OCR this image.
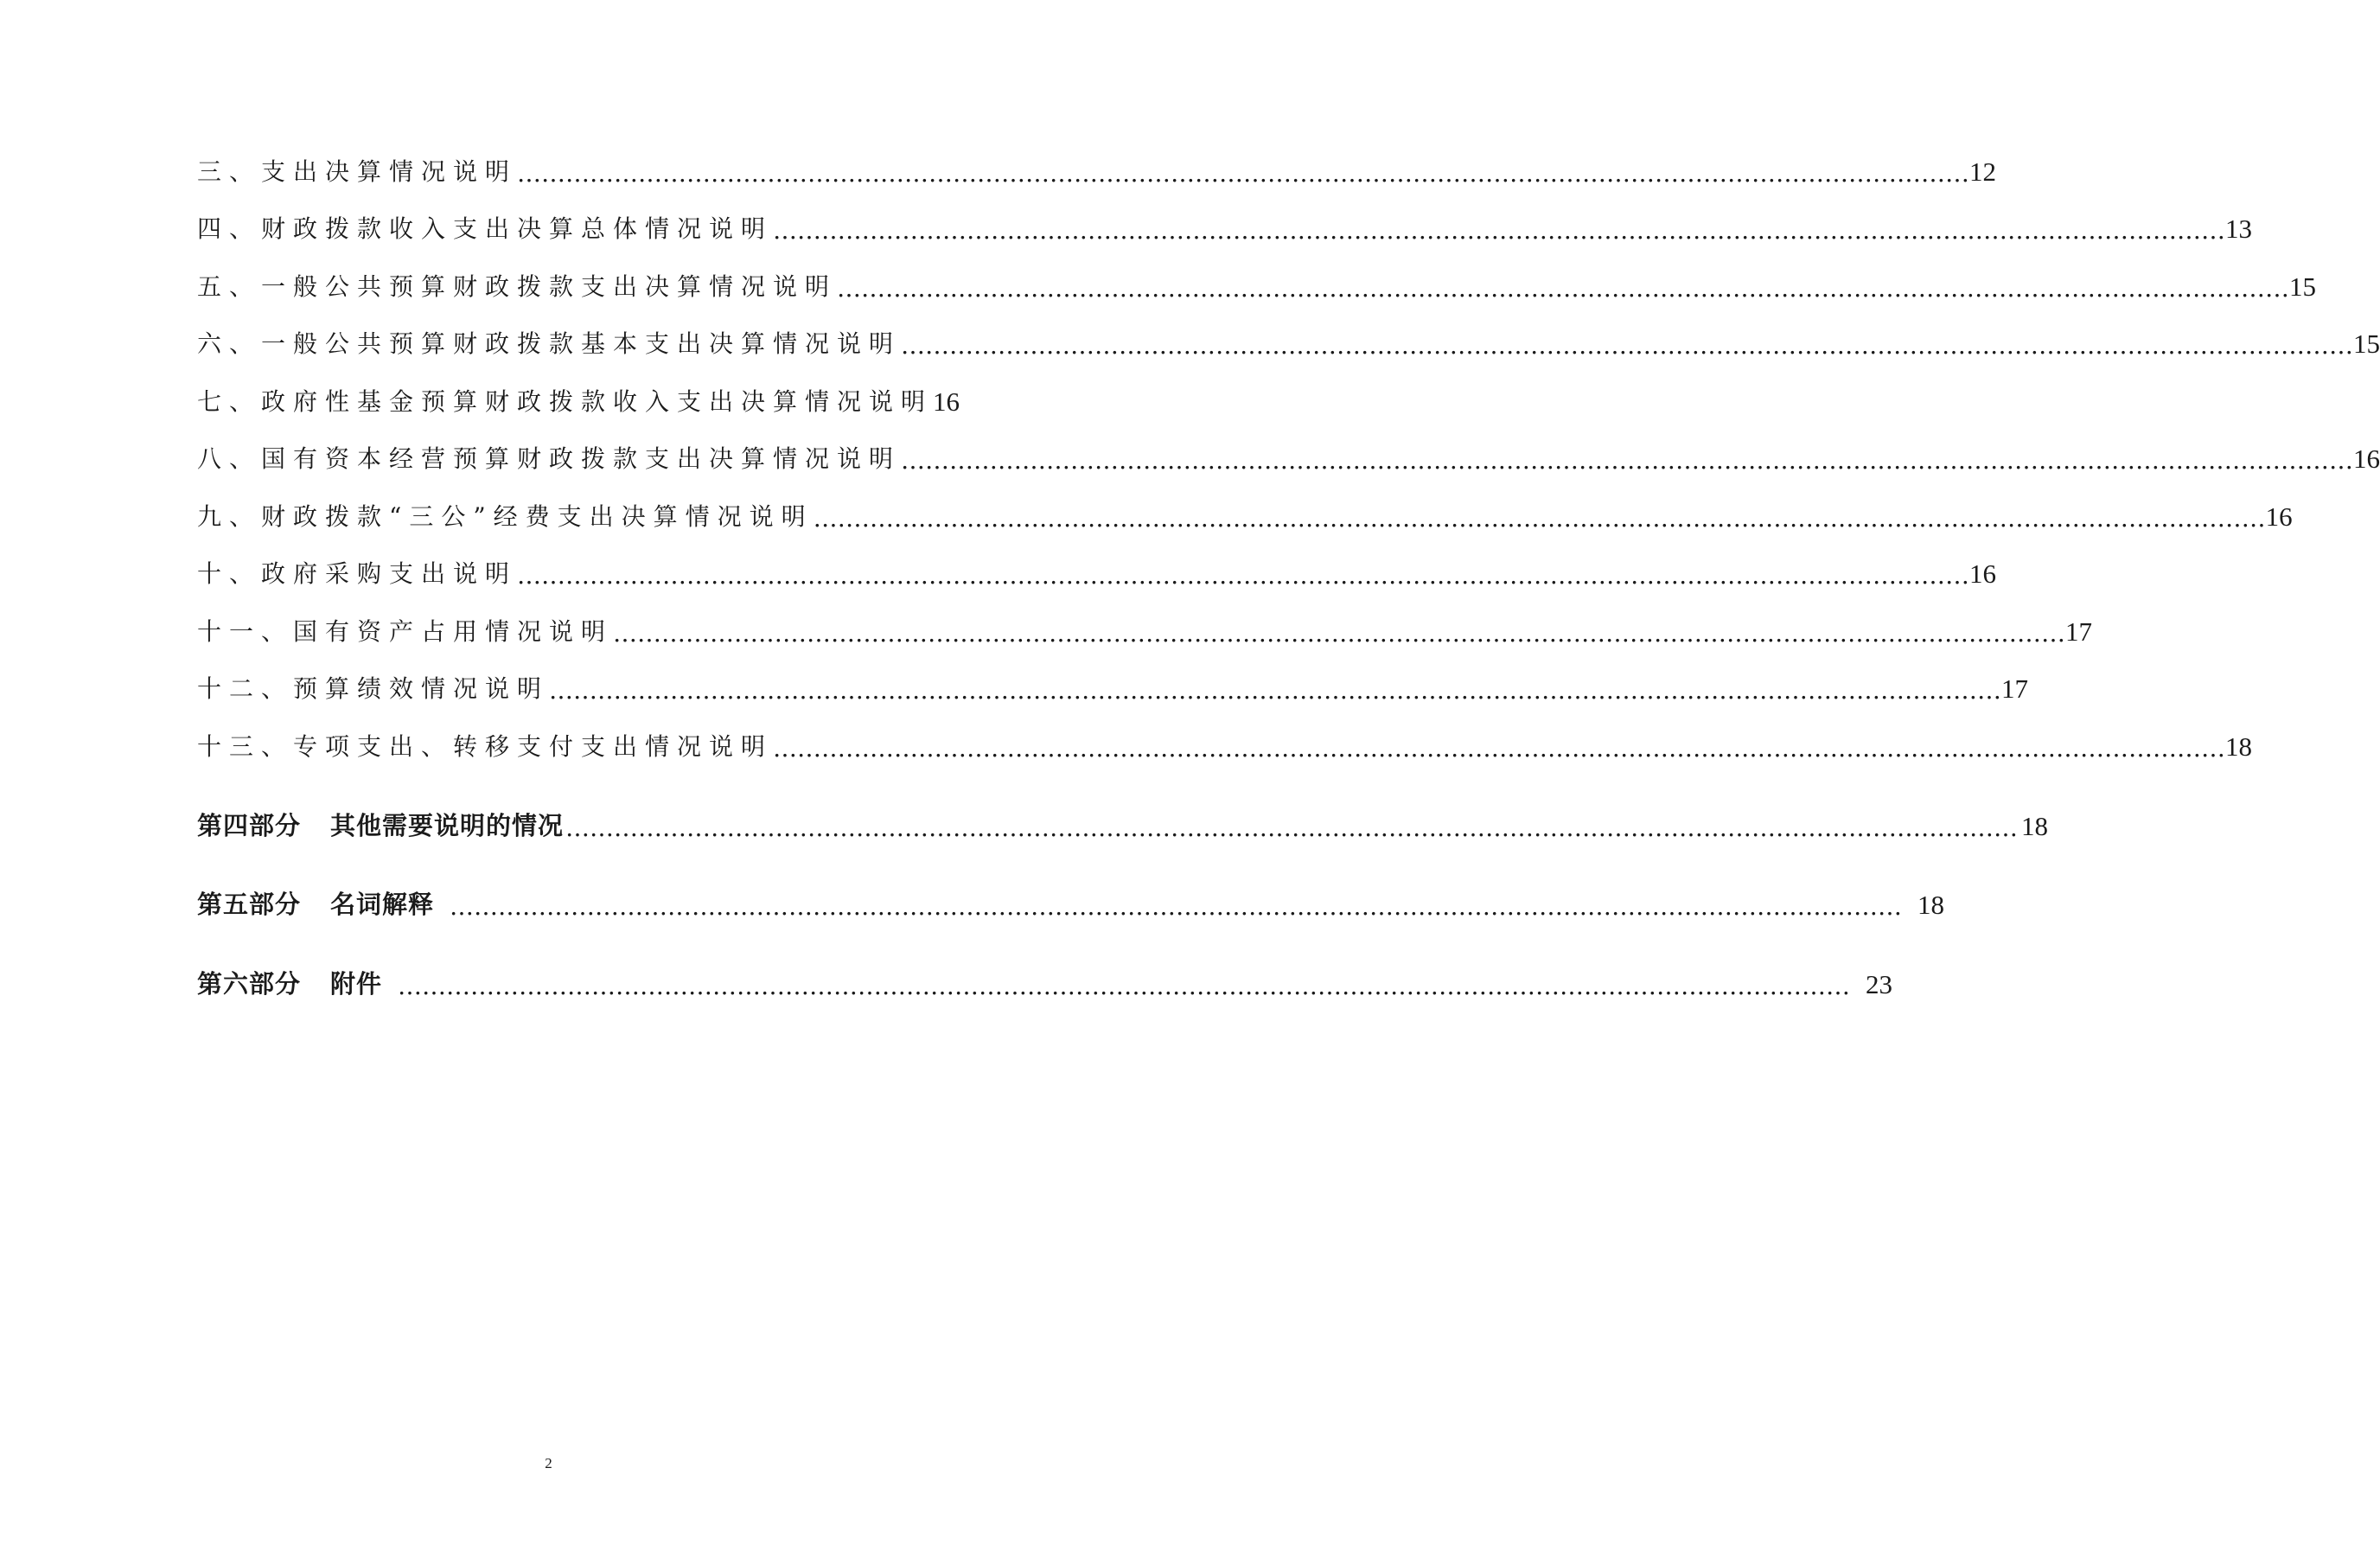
三、支出决算情况说明 ……………………………………………………………………………………………………………………………………………………………… 12
四、财政拨款收入支出决算总体情况说明 ……………………………………………………………………………………………………………………………………………………………… 13
五、一般公共预算财政拨款支出决算情况说明 ……………………………………………………………………………………………………………………………………………………………… 15
六、一般公共预算财政拨款基本支出决算情况说明 ……………………………………………………………………………………………………………………………………………………………… 15
七、政府性基金预算财政拨款收入支出决算情况说明 16
八、国有资本经营预算财政拨款支出决算情况说明 ……………………………………………………………………………………………………………………………………………………………… 16
九、财政拨款“三公”经费支出决算情况说明 ……………………………………………………………………………………………………………………………………………………………… 16
十、政府采购支出说明 ……………………………………………………………………………………………………………………………………………………………… 16
十一、国有资产占用情况说明 ……………………………………………………………………………………………………………………………………………………………… 17
十二、预算绩效情况说明 ……………………………………………………………………………………………………………………………………………………………… 17
十三、专项支出、转移支付支出情况说明 ……………………………………………………………………………………………………………………………………………………………… 18
第四部分 其他需要说明的情况 ……………………………………………………………………………………………………………………………………………………………… 18
第五部分 名词解释 ……………………………………………………………………………………………………………………………………………………………… 18
第六部分 附件 ……………………………………………………………………………………………………………………………………………………………… 23
2
